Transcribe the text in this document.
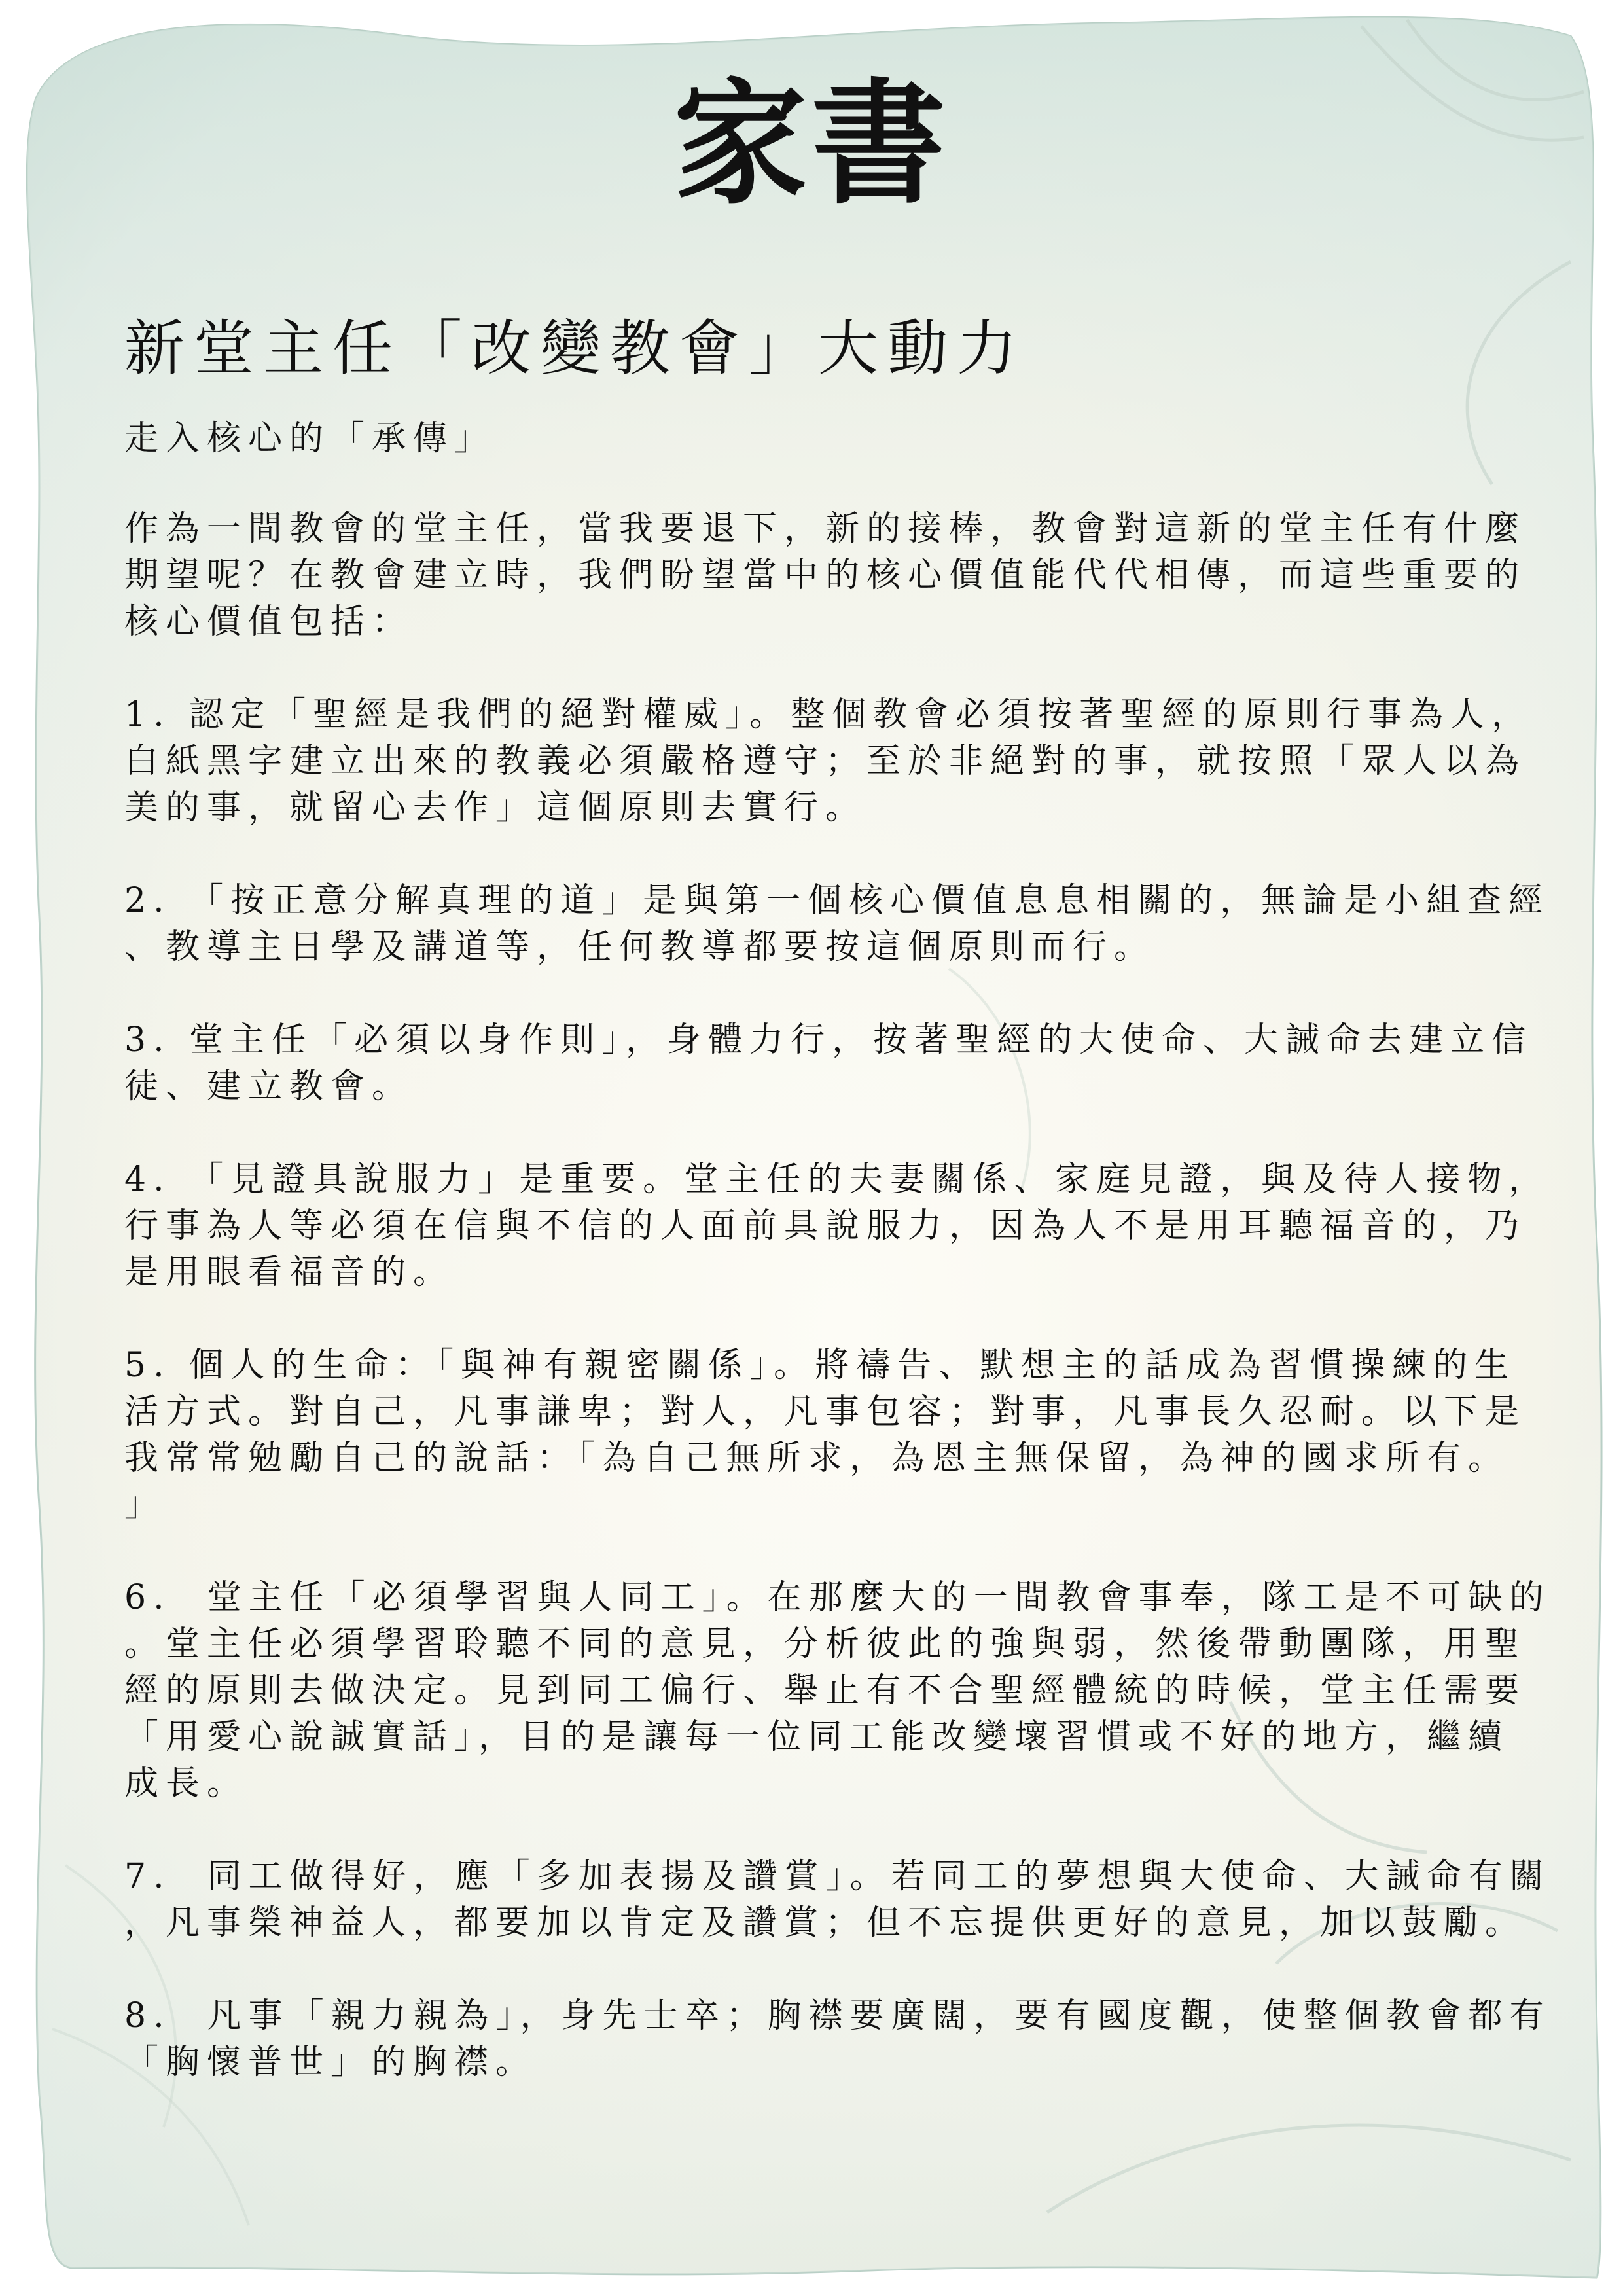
家書
新堂主任「改變教會」大動力

走入核心的「承傳」

作為一間教會的堂主任，當我要退下，新的接棒，教會對這新的堂主任有什麼
期望呢？在教會建立時，我們盼望當中的核心價值能代代相傳，而這些重要的
核心價值包括：
1. 認定「聖經是我們的絕對權威」。整個教會必須按著聖經的原則行事為人，
白紙黑字建立出來的教義必須嚴格遵守；至於非絕對的事，就按照「眾人以為
美的事，就留心去作」這個原則去實行。
2. 「按正意分解真理的道」是與第一個核心價值息息相關的，無論是小組查經
、教導主日學及講道等，任何教導都要按這個原則而行。
3. 堂主任「必須以身作則」，身體力行，按著聖經的大使命、大誡命去建立信
徒、建立教會。
4. 「見證具說服力」是重要。堂主任的夫妻關係、家庭見證，與及待人接物，
行事為人等必須在信與不信的人面前具說服力，因為人不是用耳聽福音的，乃
是用眼看福音的。
5. 個人的生命：「與神有親密關係」。將禱告、默想主的話成為習慣操練的生
活方式。對自己，凡事謙卑；對人，凡事包容；對事，凡事長久忍耐。以下是
我常常勉勵自己的說話：「為自己無所求，為恩主無保留，為神的國求所有。
」
6.  堂主任「必須學習與人同工」。在那麼大的一間教會事奉，隊工是不可缺的
。堂主任必須學習聆聽不同的意見，分析彼此的強與弱，然後帶動團隊，用聖
經的原則去做決定。見到同工偏行、舉止有不合聖經體統的時候，堂主任需要
「用愛心說誠實話」，目的是讓每一位同工能改變壞習慣或不好的地方，繼續
成長。
7.  同工做得好，應「多加表揚及讚賞」。若同工的夢想與大使命、大誡命有關
，凡事榮神益人，都要加以肯定及讚賞；但不忘提供更好的意見，加以鼓勵。
8.  凡事「親力親為」，身先士卒；胸襟要廣闊，要有國度觀，使整個教會都有
「胸懷普世」的胸襟。
